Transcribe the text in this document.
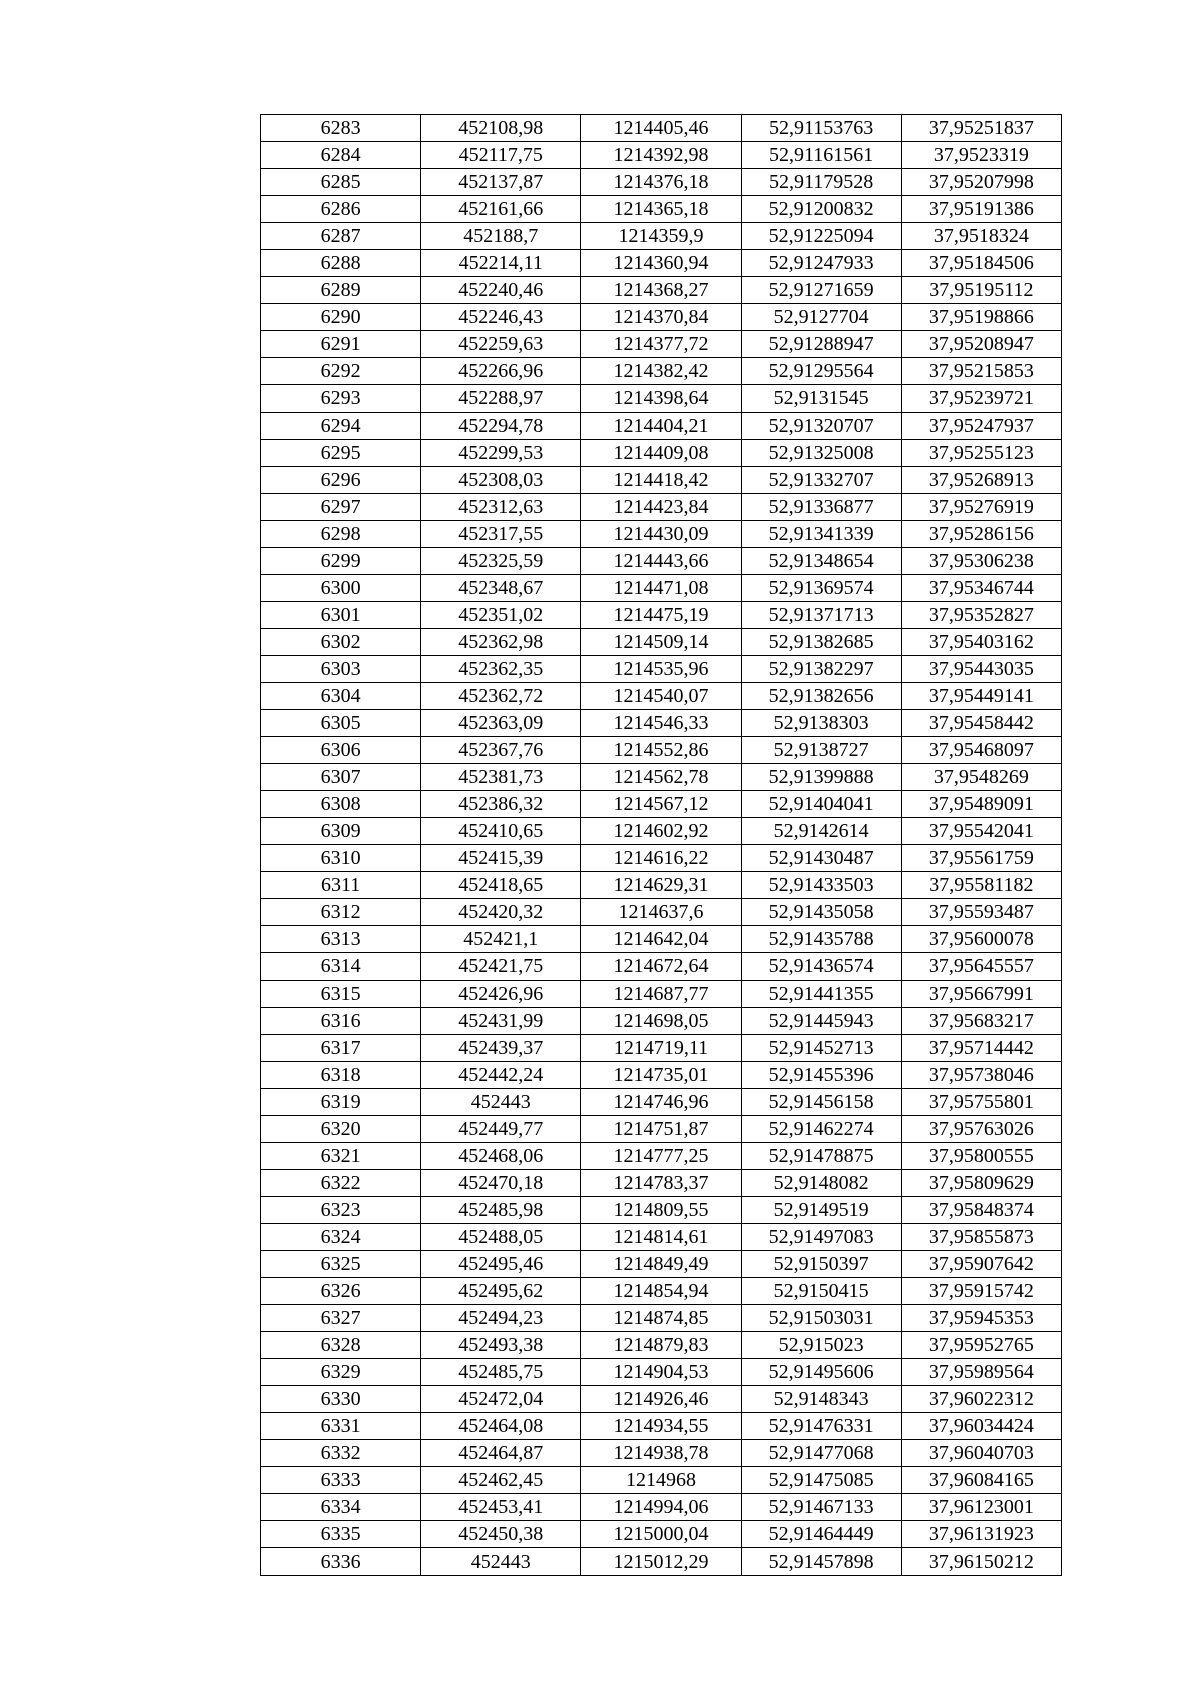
6283	452108,98	1214405,46	52,91153763	37,95251837
6284	452117,75	1214392,98	52,91161561	37,9523319
6285	452137,87	1214376,18	52,91179528	37,95207998
6286	452161,66	1214365,18	52,91200832	37,95191386
6287	452188,7	1214359,9	52,91225094	37,9518324
6288	452214,11	1214360,94	52,91247933	37,95184506
6289	452240,46	1214368,27	52,91271659	37,95195112
6290	452246,43	1214370,84	52,9127704	37,95198866
6291	452259,63	1214377,72	52,91288947	37,95208947
6292	452266,96	1214382,42	52,91295564	37,95215853
6293	452288,97	1214398,64	52,9131545	37,95239721
6294	452294,78	1214404,21	52,91320707	37,95247937
6295	452299,53	1214409,08	52,91325008	37,95255123
6296	452308,03	1214418,42	52,91332707	37,95268913
6297	452312,63	1214423,84	52,91336877	37,95276919
6298	452317,55	1214430,09	52,91341339	37,95286156
6299	452325,59	1214443,66	52,91348654	37,95306238
6300	452348,67	1214471,08	52,91369574	37,95346744
6301	452351,02	1214475,19	52,91371713	37,95352827
6302	452362,98	1214509,14	52,91382685	37,95403162
6303	452362,35	1214535,96	52,91382297	37,95443035
6304	452362,72	1214540,07	52,91382656	37,95449141
6305	452363,09	1214546,33	52,9138303	37,95458442
6306	452367,76	1214552,86	52,9138727	37,95468097
6307	452381,73	1214562,78	52,91399888	37,9548269
6308	452386,32	1214567,12	52,91404041	37,95489091
6309	452410,65	1214602,92	52,9142614	37,95542041
6310	452415,39	1214616,22	52,91430487	37,95561759
6311	452418,65	1214629,31	52,91433503	37,95581182
6312	452420,32	1214637,6	52,91435058	37,95593487
6313	452421,1	1214642,04	52,91435788	37,95600078
6314	452421,75	1214672,64	52,91436574	37,95645557
6315	452426,96	1214687,77	52,91441355	37,95667991
6316	452431,99	1214698,05	52,91445943	37,95683217
6317	452439,37	1214719,11	52,91452713	37,95714442
6318	452442,24	1214735,01	52,91455396	37,95738046
6319	452443	1214746,96	52,91456158	37,95755801
6320	452449,77	1214751,87	52,91462274	37,95763026
6321	452468,06	1214777,25	52,91478875	37,95800555
6322	452470,18	1214783,37	52,9148082	37,95809629
6323	452485,98	1214809,55	52,9149519	37,95848374
6324	452488,05	1214814,61	52,91497083	37,95855873
6325	452495,46	1214849,49	52,9150397	37,95907642
6326	452495,62	1214854,94	52,9150415	37,95915742
6327	452494,23	1214874,85	52,91503031	37,95945353
6328	452493,38	1214879,83	52,915023	37,95952765
6329	452485,75	1214904,53	52,91495606	37,95989564
6330	452472,04	1214926,46	52,9148343	37,96022312
6331	452464,08	1214934,55	52,91476331	37,96034424
6332	452464,87	1214938,78	52,91477068	37,96040703
6333	452462,45	1214968	52,91475085	37,96084165
6334	452453,41	1214994,06	52,91467133	37,96123001
6335	452450,38	1215000,04	52,91464449	37,96131923
6336	452443	1215012,29	52,91457898	37,96150212
